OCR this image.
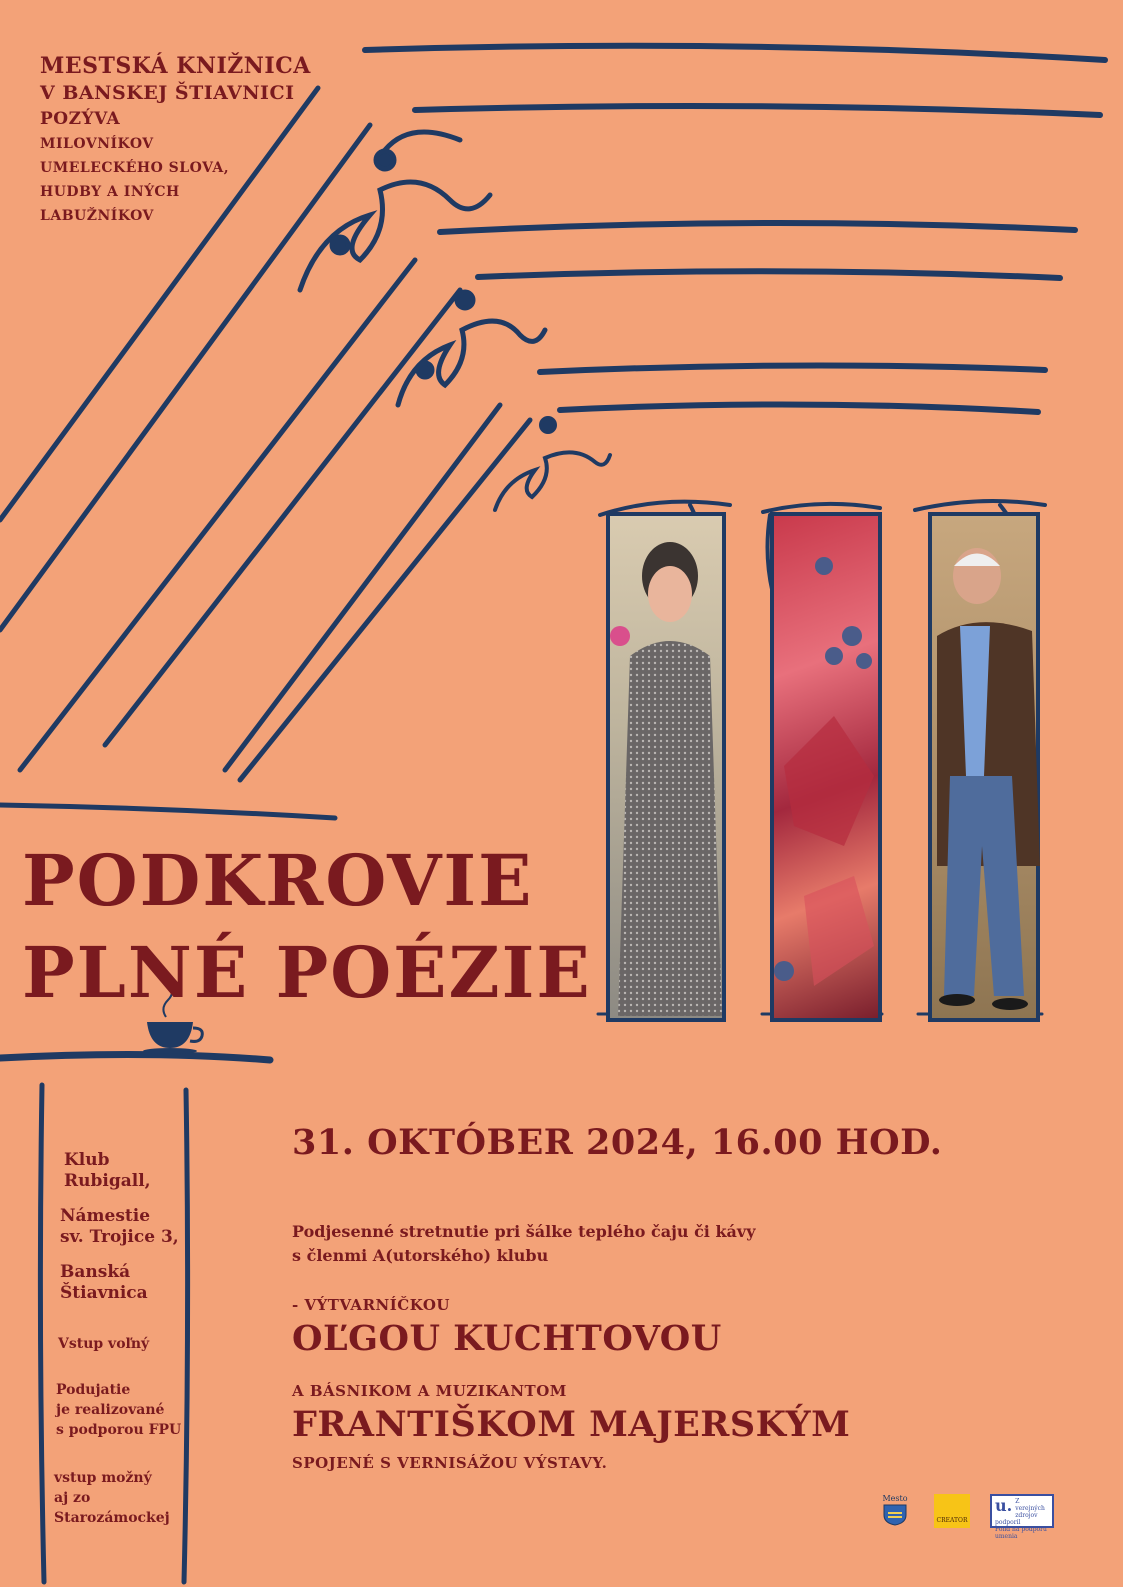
MESTSKÁ KNIŽNICA
V BANSKEJ ŠTIAVNICI
POZÝVA
MILOVNÍKOV
UMELECKÉHO SLOVA,
HUDBY A INÝCH
LABUŽNÍKOV
PODKROVIE
PLNÉ POÉZIE
Klub
Rubigall,
Námestie
sv. Trojice 3,
Banská
Štiavnica
Vstup voľný
Podujatie
je realizované
s podporou FPU
vstup možný
aj zo
Starozámockej
31. OKTÓBER 2024, 16.00 HOD.
Podjesenné stretnutie pri šálke teplého čaju či kávy
s členmi A(utorského) klubu
- VÝTVARNÍČKOU
OĽGOU KUCHTOVOU
A BÁSNIKOM A MUZIKANTOM
FRANTIŠKOM MAJERSKÝM
SPOJENÉ S VERNISÁŽOU VÝSTAVY.
Mesto
CREATOR
u. Z verejných zdrojov podporil
Fond na podporu umenia
